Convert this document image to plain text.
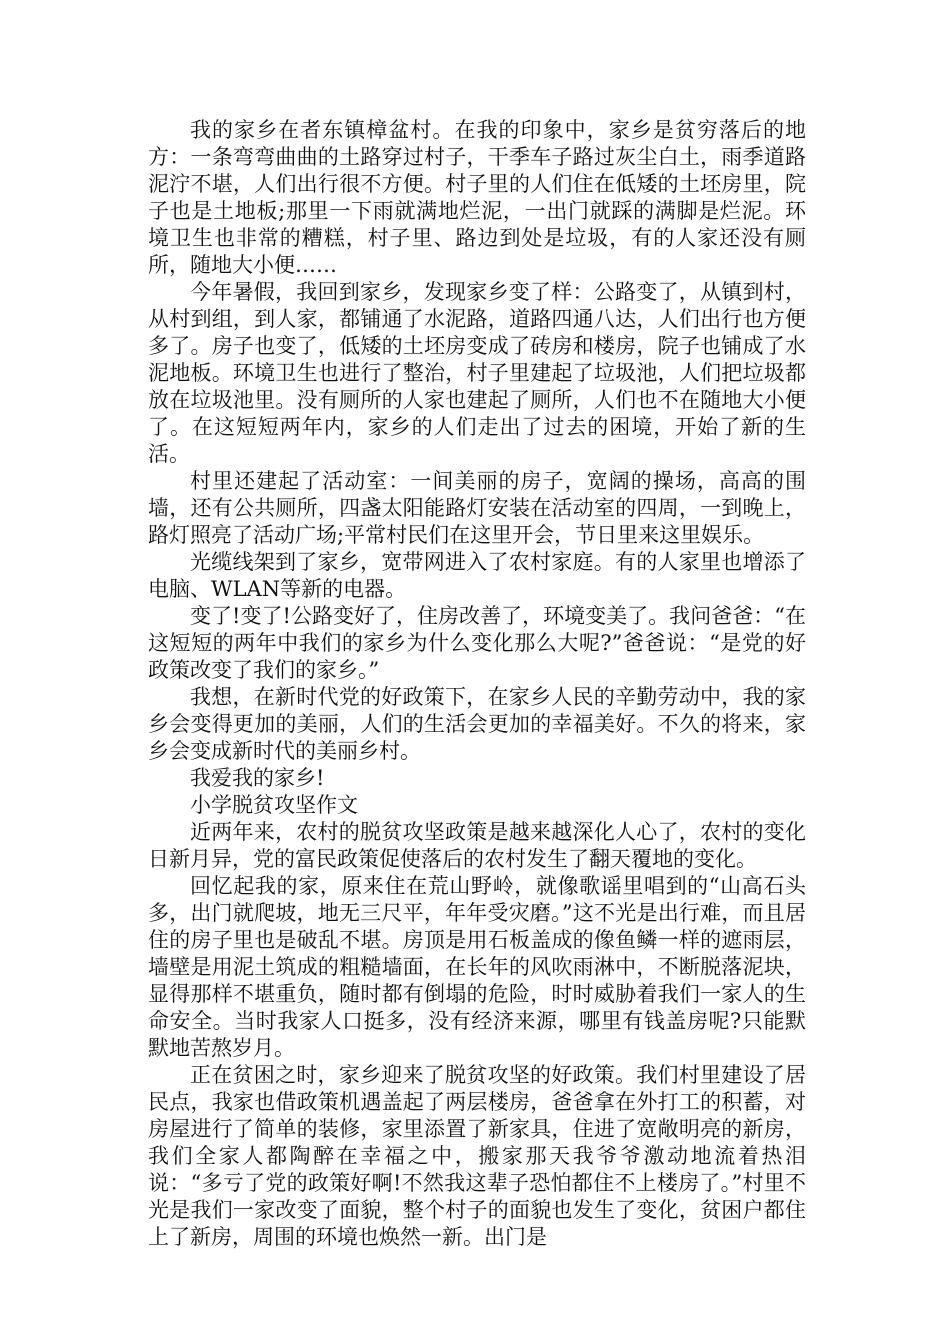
我的家乡在者东镇樟盆村。在我的印象中，家乡是贫穷落后的地方：一条弯弯曲曲的土路穿过村子，干季车子路过灰尘白土，雨季道路泥泞不堪，人们出行很不方便。村子里的人们住在低矮的土坯房里，院子也是土地板;那里一下雨就满地烂泥，一出门就踩的满脚是烂泥。环境卫生也非常的糟糕，村子里、路边到处是垃圾，有的人家还没有厕所，随地大小便……

今年暑假，我回到家乡，发现家乡变了样：公路变了，从镇到村，从村到组，到人家，都铺通了水泥路，道路四通八达，人们出行也方便多了。房子也变了，低矮的土坯房变成了砖房和楼房，院子也铺成了水泥地板。环境卫生也进行了整治，村子里建起了垃圾池，人们把垃圾都放在垃圾池里。没有厕所的人家也建起了厕所，人们也不在随地大小便了。在这短短两年内，家乡的人们走出了过去的困境，开始了新的生活。

村里还建起了活动室：一间美丽的房子，宽阔的操场，高高的围墙，还有公共厕所，四盏太阳能路灯安装在活动室的四周，一到晚上，路灯照亮了活动广场;平常村民们在这里开会，节日里来这里娱乐。

光缆线架到了家乡，宽带网进入了农村家庭。有的人家里也增添了电脑、WLAN等新的电器。

变了!变了!公路变好了，住房改善了，环境变美了。我问爸爸：“在这短短的两年中我们的家乡为什么变化那么大呢?”爸爸说：“是党的好政策改变了我们的家乡。”

我想，在新时代党的好政策下，在家乡人民的辛勤劳动中，我的家乡会变得更加的美丽，人们的生活会更加的幸福美好。不久的将来，家乡会变成新时代的美丽乡村。

我爱我的家乡!

小学脱贫攻坚作文

近两年来，农村的脱贫攻坚政策是越来越深化人心了，农村的变化日新月异，党的富民政策促使落后的农村发生了翻天覆地的变化。

回忆起我的家，原来住在荒山野岭，就像歌谣里唱到的“山高石头多，出门就爬坡，地无三尺平，年年受灾磨。”这不光是出行难，而且居住的房子里也是破乱不堪。房顶是用石板盖成的像鱼鳞一样的遮雨层，墙壁是用泥土筑成的粗糙墙面，在长年的风吹雨淋中，不断脱落泥块，显得那样不堪重负，随时都有倒塌的危险，时时威胁着我们一家人的生命安全。当时我家人口挺多，没有经济来源，哪里有钱盖房呢?只能默默地苦熬岁月。

正在贫困之时，家乡迎来了脱贫攻坚的好政策。我们村里建设了居民点，我家也借政策机遇盖起了两层楼房，爸爸拿在外打工的积蓄，对房屋进行了简单的装修，家里添置了新家具，住进了宽敞明亮的新房，我们全家人都陶醉在幸福之中，搬家那天我爷爷激动地流着热泪说：“多亏了党的政策好啊!不然我这辈子恐怕都住不上楼房了。”村里不光是我们一家改变了面貌，整个村子的面貌也发生了变化，贫困户都住上了新房，周围的环境也焕然一新。出门是
